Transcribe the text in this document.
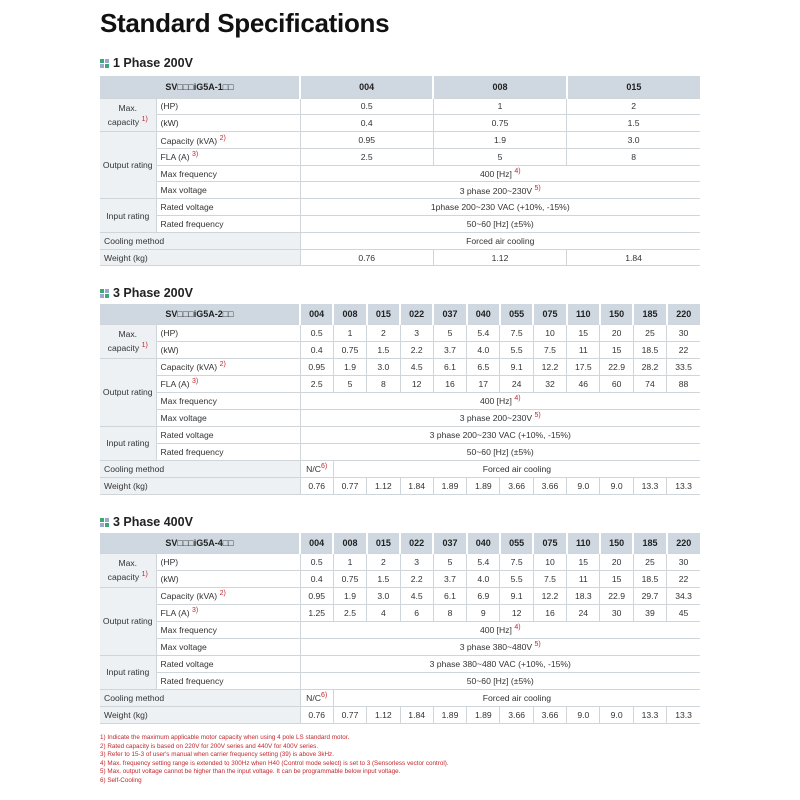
Standard Specifications
1 Phase 200V
SV□□□iG5A-1□□		004	008	015
Max. capacity $^{1)}$	(HP)	0.5	1	2
	(kW)	0.4	0.75	1.5
Output rating	Capacity (kVA) $^{2)}$	0.95	1.9	3.0
	FLA (A) $^{3)}$	2.5	5	8
	Max frequency	400 [Hz] $^{4)}$
	Max voltage	3 phase 200~230V $^{5)}$
Input rating	Rated voltage	1phase 200~230 VAC (+10%, -15%)		
	Rated frequency	50~60 [Hz] (±5%)		
Cooling method		Forced air cooling		
Weight (kg)		0.76	1.12	1.84
3 Phase 200V
SV□□□iG5A-2□□		004	008	015	022	037	040	055	075	110	150	185	220
Max. capacity $^{1)}$	(HP)	0.5	1	2	3	5	5.4	7.5	10	15	20	25	30
	(kW)	0.4	0.75	1.5	2.2	3.7	4.0	5.5	7.5	11	15	18.5	22
Output rating	Capacity (kVA) $^{2)}$	0.95	1.9	3.0	4.5	6.1	6.5	9.1	12.2	17.5	22.9	28.2	33.5
	FLA (A) $^{3)}$	2.5	5	8	12	16	17	24	32	46	60	74	88
	Max frequency	400 [Hz] $^{4)}$
	Max voltage	3 phase 200~230V $^{5)}$
Input rating	Rated voltage	3 phase 200~230 VAC (+10%, -15%)											
	Rated frequency	50~60 [Hz] (±5%)											
Cooling method		N/C$^{6)}$	Forced air cooling										
Weight (kg)		0.76	0.77	1.12	1.84	1.89	1.89	3.66	3.66	9.0	9.0	13.3	13.3
3 Phase 400V
SV□□□iG5A-4□□		004	008	015	022	037	040	055	075	110	150	185	220
Max. capacity $^{1)}$	(HP)	0.5	1	2	3	5	5.4	7.5	10	15	20	25	30
	(kW)	0.4	0.75	1.5	2.2	3.7	4.0	5.5	7.5	11	15	18.5	22
Output rating	Capacity (kVA) $^{2)}$	0.95	1.9	3.0	4.5	6.1	6.9	9.1	12.2	18.3	22.9	29.7	34.3
	FLA (A) $^{3)}$	1.25	2.5	4	6	8	9	12	16	24	30	39	45
	Max frequency	400 [Hz] $^{4)}$
	Max voltage	3 phase 380~480V $^{5)}$
Input rating	Rated voltage	3 phase 380~480 VAC (+10%, -15%)											
	Rated frequency	50~60 [Hz] (±5%)											
Cooling method		N/C$^{6)}$	Forced air cooling										
Weight (kg)		0.76	0.77	1.12	1.84	1.89	1.89	3.66	3.66	9.0	9.0	13.3	13.3
1) Indicate the maximum applicable motor capacity when using 4 pole LS standard motor.
2) Rated capacity is based on 220V for 200V series and 440V for 400V series.
3) Refer to 15-3 of user's manual when carrier frequency setting (39) is above 3kHz.
4) Max. frequency setting range is extended to 300Hz when H40 (Control mode select) is set to 3 (Sensorless vector control).
5) Max. output voltage cannot be higher than the input voltage. It can be programmable below input voltage.
6) Self-Cooling
